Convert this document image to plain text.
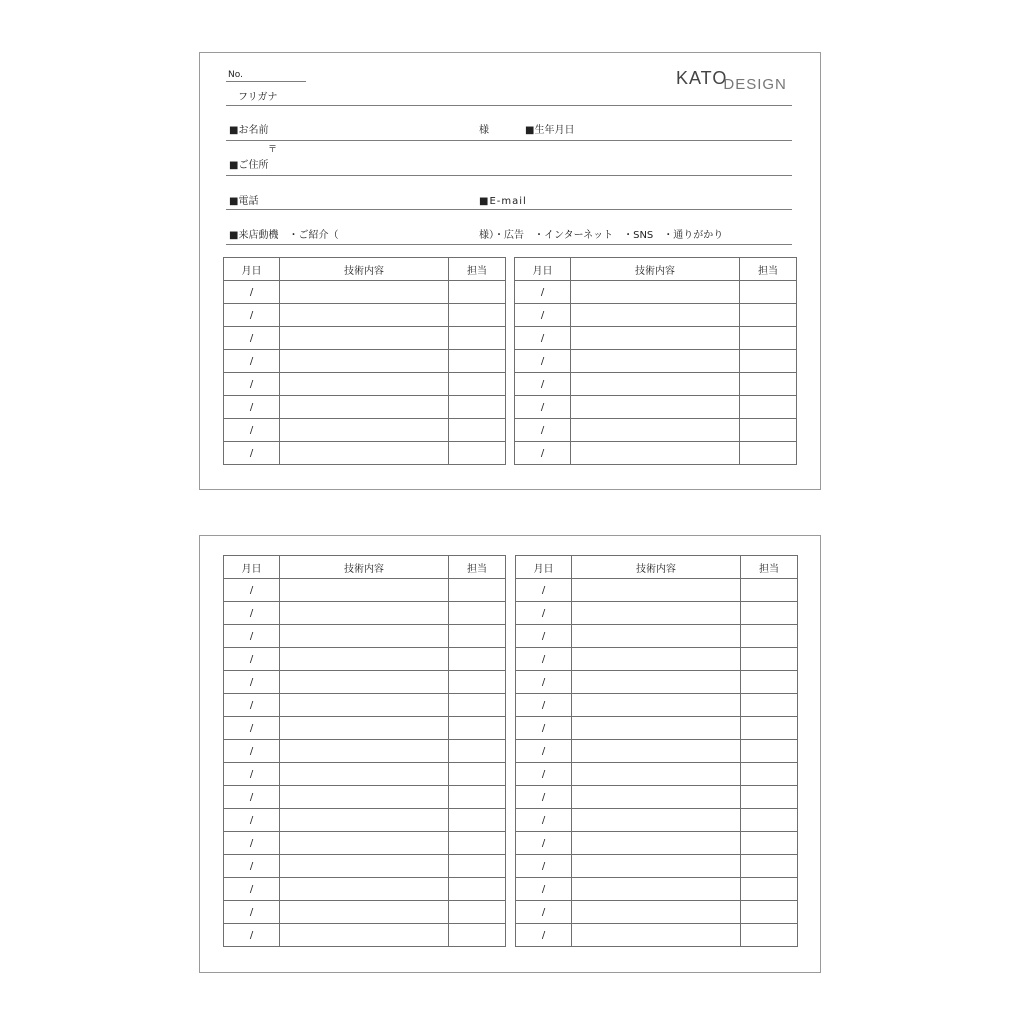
No.	KATODESIGN
フリガナ
■お名前	様	■生年月日
〒
■ご住所
■電話	■E-mail
■来店動機　・ご紹介（	様）・広告　・インターネット　・SNS　・通りがかり
月日	技術内容	担当
/		
/		
/		
/		
/		
/		
/		
/		
月日	技術内容	担当
/		
/		
/		
/		
/		
/		
/		
/		
月日	技術内容	担当
/		
/		
/		
/		
/		
/		
/		
/		
/		
/		
/		
/		
/		
/		
/		
/		
月日	技術内容	担当
/		
/		
/		
/		
/		
/		
/		
/		
/		
/		
/		
/		
/		
/		
/		
/		
